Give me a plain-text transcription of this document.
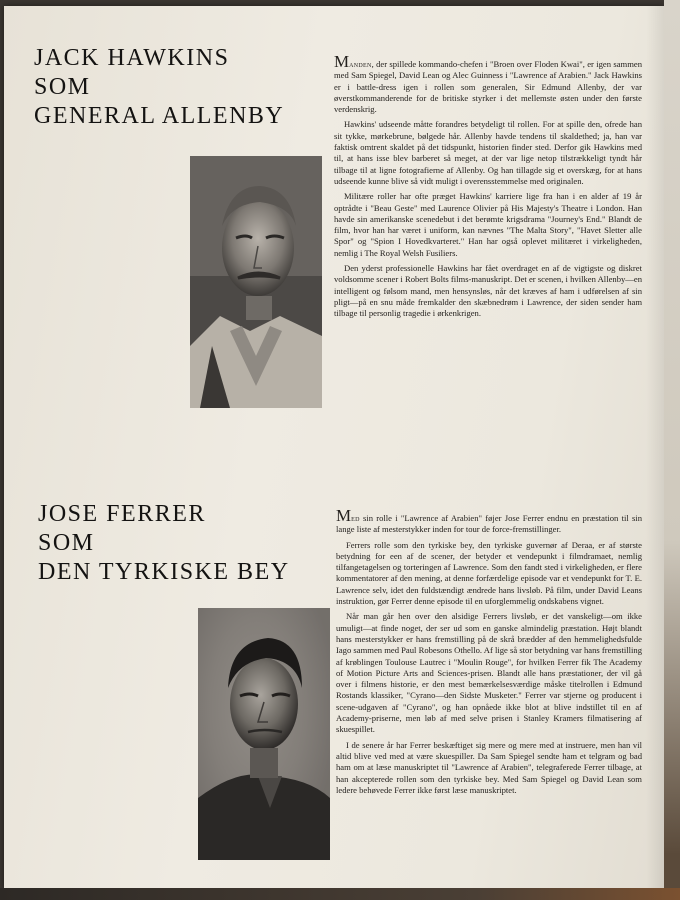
JACK HAWKINS
SOM
GENERAL ALLENBY

Manden, der spillede kommando-chefen i "Broen over Floden Kwai", er igen sammen med Sam Spiegel, David Lean og Alec Guinness i "Lawrence af Arabien." Jack Hawkins er i battle-dress igen i rollen som generalen, Sir Edmund Allenby, der var øverstkommanderende for de britiske styrker i det mellemste østen under den første verdenskrig.

Hawkins' udseende måtte forandres betydeligt til rollen. For at spille den, ofrede han sit tykke, mørkebrune, bølgede hår. Allenby havde tendens til skaldethed; ja, han var faktisk omtrent skaldet på det tidspunkt, historien finder sted. Derfor gik Hawkins med til, at hans isse blev barberet så meget, at der var lige netop tilstrækkeligt tyndt hår tilbage til at ligne fotografierne af Allenby. Og han tillagde sig et overskæg, for at hans udseende kunne blive så vidt muligt i overensstemmelse med originalen.

Militære roller har ofte præget Hawkins' karriere lige fra han i en alder af 19 år optrådte i "Beau Geste" med Laurence Olivier på His Majesty's Theatre i London. Han havde sin amerikanske scenedebut i det berømte krigsdrama "Journey's End." Blandt de film, hvor han har været i uniform, kan nævnes "The Malta Story", "Havet Sletter alle Spor" og "Spion I Hovedkvarteret." Han har også oplevet militæret i virkeligheden, nemlig i The Royal Welsh Fusiliers.

Den yderst professionelle Hawkins har fået overdraget en af de vigtigste og diskret voldsomme scener i Robert Bolts films-manuskript. Det er scenen, i hvilken Allenby—en intelligent og følsom mand, men hensynsløs, når det kræves af ham i udførelsen af sin pligt—på en snu måde fremkalder den skæbnedrøm i Lawrence, der siden sender ham tilbage til personlig tragedie i ørkenkrigen.

JOSE FERRER
SOM
DEN TYRKISKE BEY

Med sin rolle i "Lawrence af Arabien" føjer Jose Ferrer endnu en præstation til sin lange liste af mesterstykker inden for tour de force-fremstillinger.

Ferrers rolle som den tyrkiske bey, den tyrkiske guvernør af Deraa, er af største betydning for een af de scener, der betyder et vendepunkt i filmdramaet, nemlig tilfangetagelsen og torteringen af Lawrence. Som den fandt sted i virkeligheden, er flere kommentatorer af den mening, at denne forfærdelige episode var et vendepunkt for T. E. Lawrence selv, idet den fuldstændigt ændrede hans livsløb. På film, under David Leans instruktion, gør Ferrer denne episode til en uforglemmelig ondskabens vignet.

Når man går hen over den alsidige Ferrers livsløb, er det vanskeligt—om ikke umuligt—at finde noget, der ser ud som en ganske almindelig præstation. Højt blandt hans mesterstykker er hans fremstilling på de skrå brædder af den hemmelighedsfulde Iago sammen med Paul Robesons Othello. Af lige så stor betydning var hans fremstilling af krøblingen Toulouse Lautrec i "Moulin Rouge", for hvilken Ferrer fik The Academy of Motion Picture Arts and Sciences-prisen. Blandt alle hans præstationer, der vil gå over i filmens historie, er den mest bemærkelsesværdige måske titelrollen i Edmund Rostands klassiker, "Cyrano—den Sidste Musketer." Ferrer var stjerne og producent i scene-udgaven af "Cyrano", og han opnåede ikke blot at blive indstillet til en af Academy-priserne, men løb af med selve prisen i Stanley Kramers filmatisering af skuespillet.

I de senere år har Ferrer beskæftiget sig mere og mere med at instruere, men han vil altid blive ved med at være skuespiller. Da Sam Spiegel sendte ham et telgram og bad ham om at læse manuskriptet til "Lawrence af Arabien", telegraferede Ferrer tilbage, at han akcepterede rollen som den tyrkiske bey. Med Sam Spiegel og David Lean som ledere behøvede Ferrer ikke først læse manuskriptet.
